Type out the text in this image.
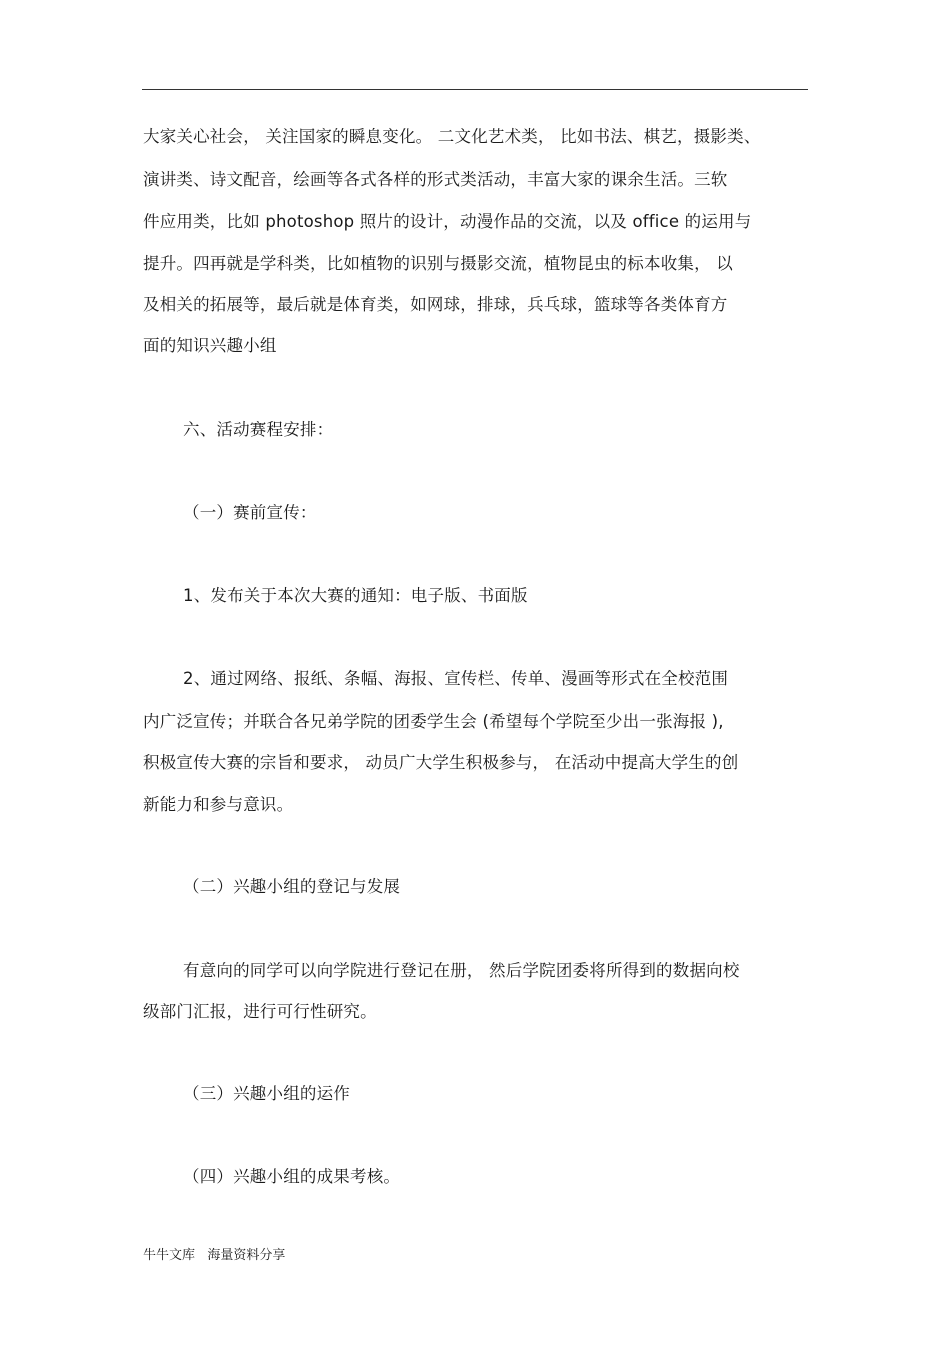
大家关心社会， 关注国家的瞬息变化。 二文化艺术类， 比如书法、棋艺，摄影类、
演讲类、诗文配音，绘画等各式各样的形式类活动，丰富大家的课余生活。三软
件应用类，比如 photoshop 照片的设计，动漫作品的交流，以及 office 的运用与
提升。四再就是学科类，比如植物的识别与摄影交流，植物昆虫的标本收集， 以
及相关的拓展等，最后就是体育类，如网球，排球，兵乓球，篮球等各类体育方
面的知识兴趣小组
六、活动赛程安排：
（一）赛前宣传：
1、发布关于本次大赛的通知：电子版、书面版
2、通过网络、报纸、条幅、海报、宣传栏、传单、漫画等形式在全校范围
内广泛宣传；并联合各兄弟学院的团委学生会 (希望每个学院至少出一张海报 ),
积极宣传大赛的宗旨和要求， 动员广大学生积极参与， 在活动中提高大学生的创
新能力和参与意识。
（二）兴趣小组的登记与发展
有意向的同学可以向学院进行登记在册， 然后学院团委将所得到的数据向校
级部门汇报，进行可行性研究。
（三）兴趣小组的运作
（四）兴趣小组的成果考核。
牛牛文库   海量资料分享
